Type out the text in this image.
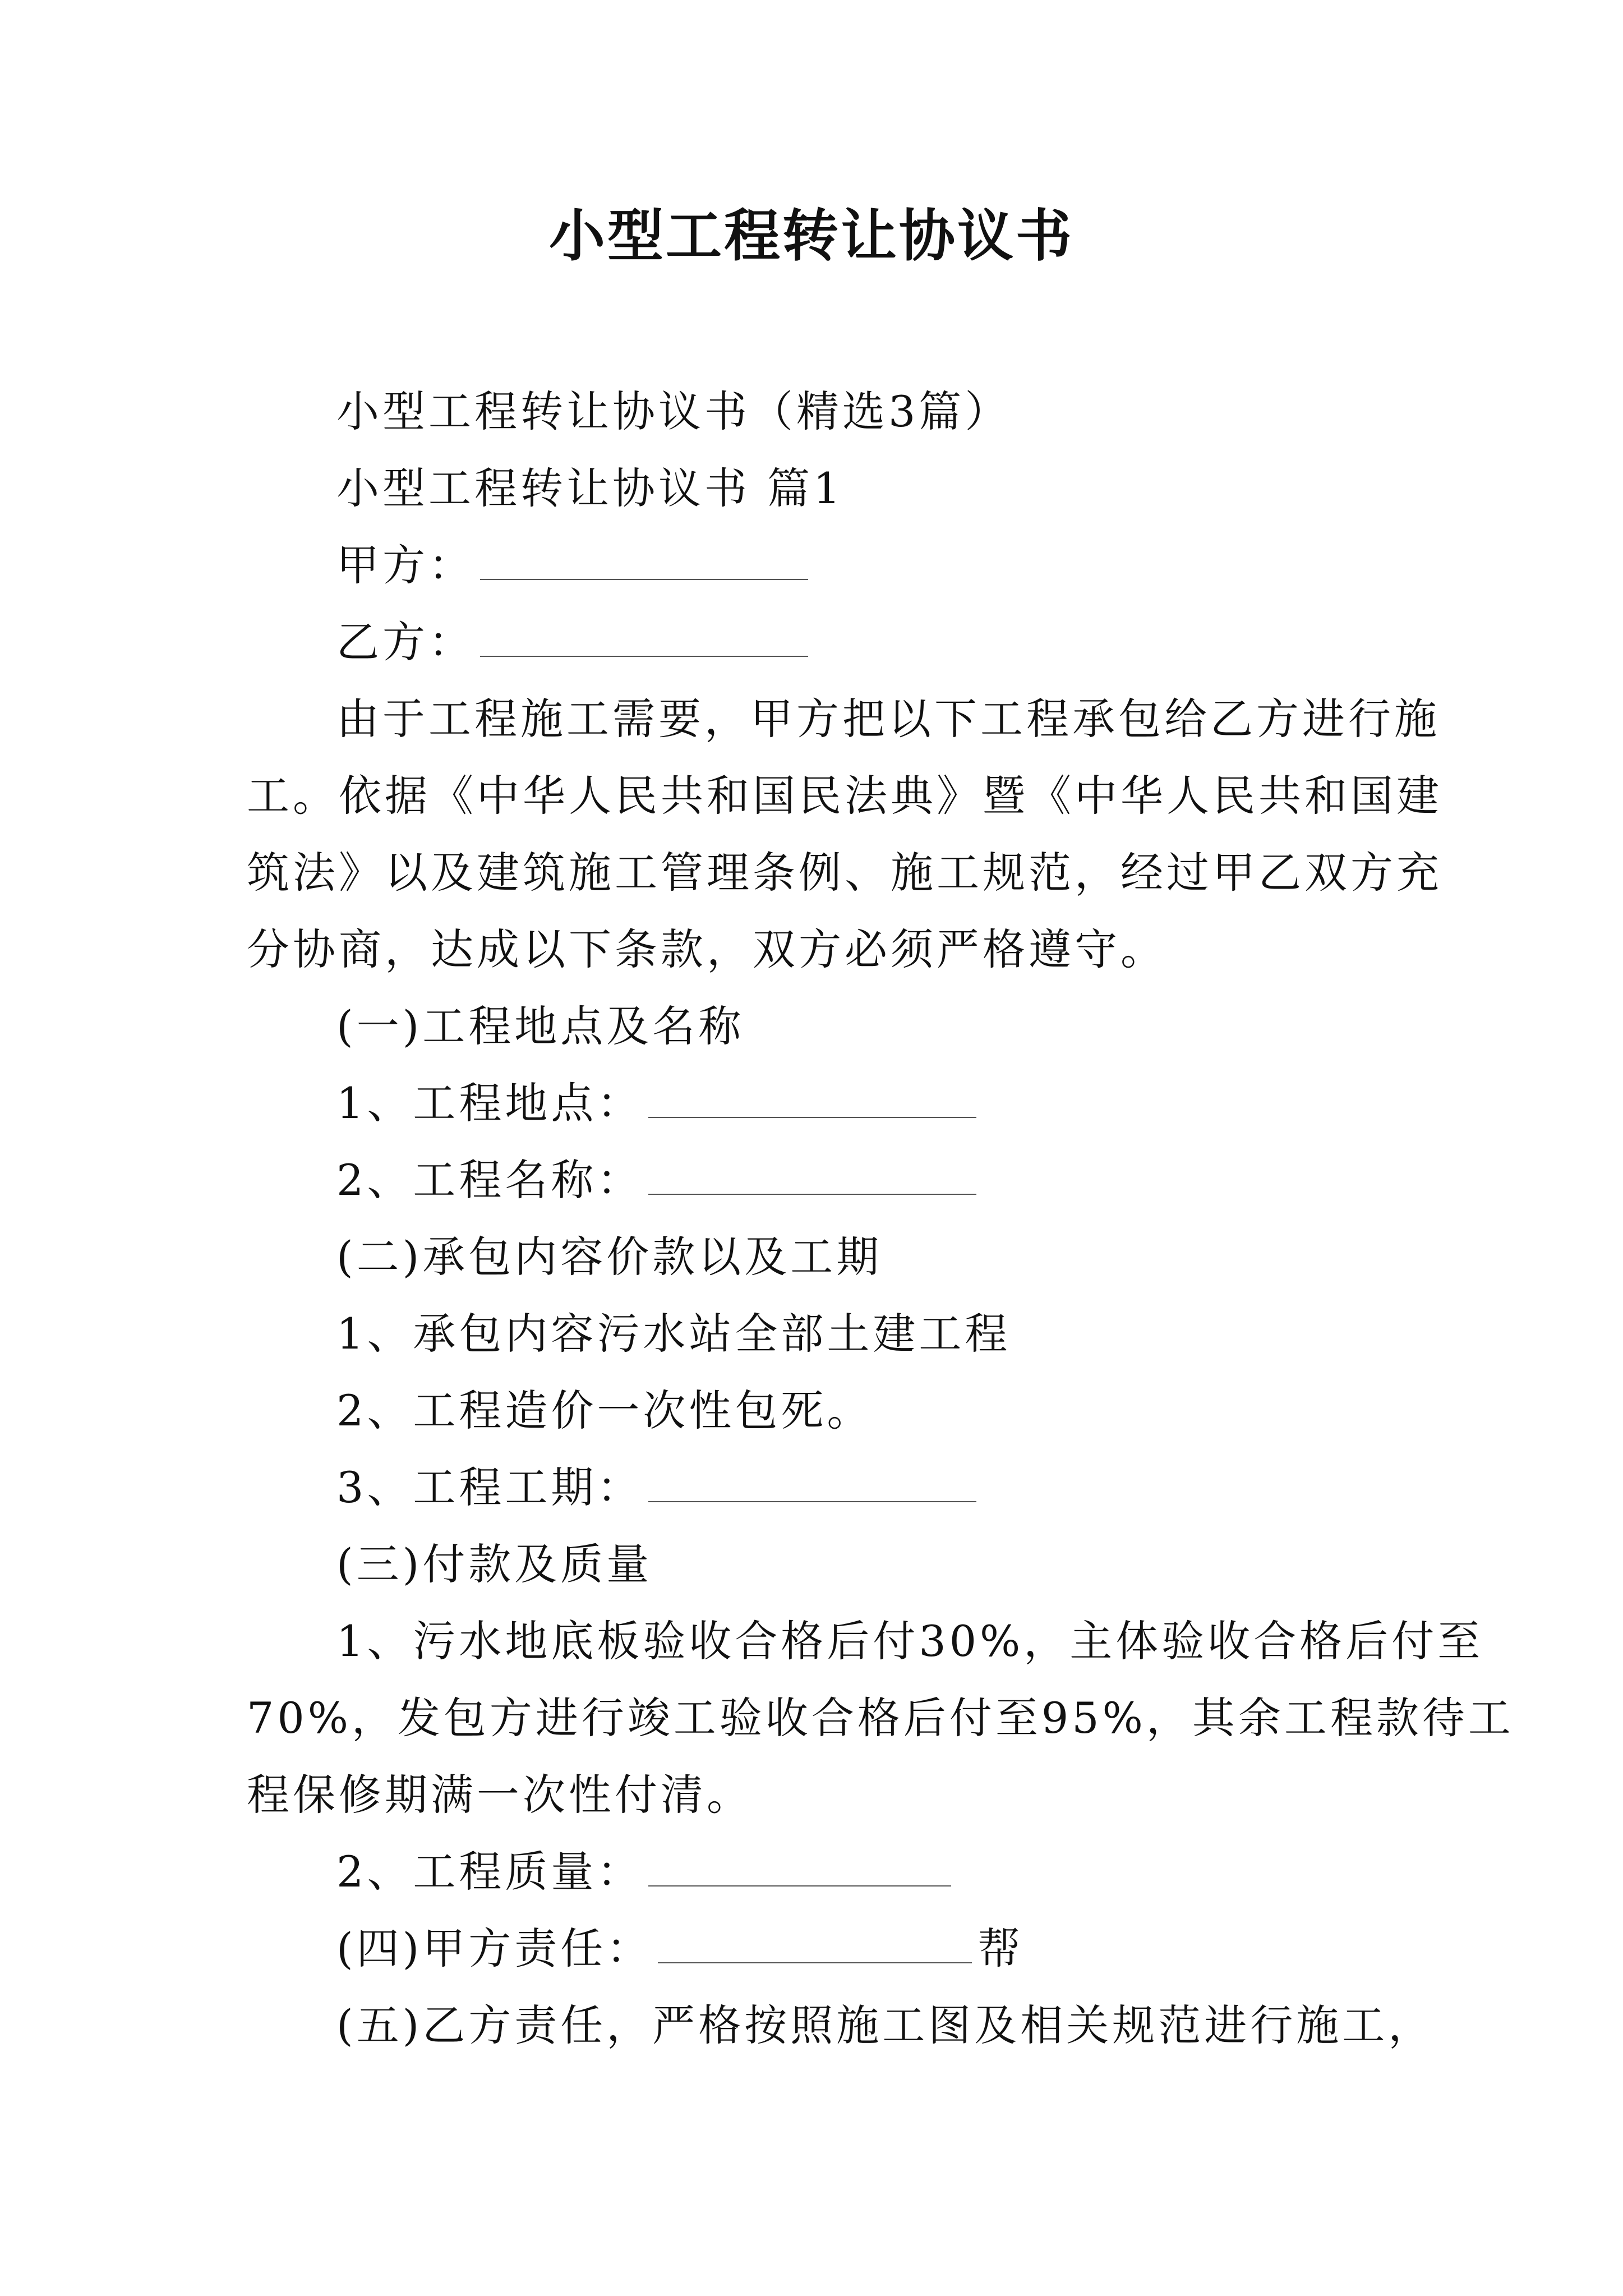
小型工程转让协议书
小型工程转让协议书（精选3篇）
小型工程转让协议书 篇1
甲方：
乙方：
由于工程施工需要，甲方把以下工程承包给乙方进行施
工。依据《中华人民共和国民法典》暨《中华人民共和国建
筑法》以及建筑施工管理条例、施工规范，经过甲乙双方充
分协商，达成以下条款，双方必须严格遵守。
(一)工程地点及名称
1、工程地点：
2、工程名称：
(二)承包内容价款以及工期
1、承包内容污水站全部土建工程
2、工程造价一次性包死。
3、工程工期：
(三)付款及质量
1、污水地底板验收合格后付30%，主体验收合格后付至
70%，发包方进行竣工验收合格后付至95%，其余工程款待工
程保修期满一次性付清。
2、工程质量：
(四)甲方责任：	帮
(五)乙方责任，严格按照施工图及相关规范进行施工，
